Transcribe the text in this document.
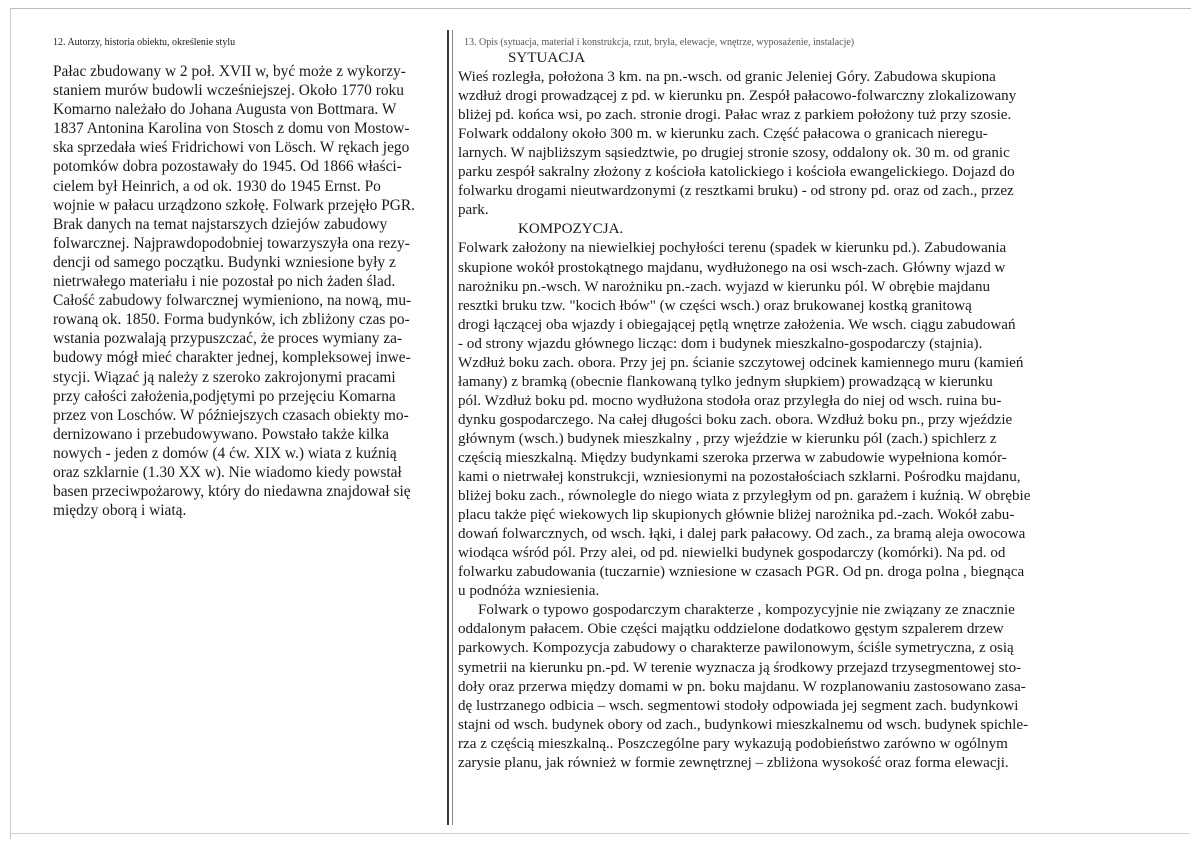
12. Autorzy, historia obiektu, określenie stylu
Pałac zbudowany w 2 poł. XVII w, być może z wykorzy-
staniem murów budowli wcześniejszej. Około 1770 roku
Komarno należało do Johana Augusta von Bottmara. W
1837 Antonina Karolina von Stosch z domu von Mostow-
ska sprzedała wieś Fridrichowi von Lösch. W rękach jego
potomków dobra pozostawały do 1945. Od 1866 właści-
cielem był Heinrich, a od ok. 1930 do 1945 Ernst. Po
wojnie w pałacu urządzono szkołę. Folwark przejęło PGR.
Brak danych na temat najstarszych dziejów zabudowy
folwarcznej. Najprawdopodobniej towarzyszyła ona rezy-
dencji od samego początku. Budynki wzniesione były z
nietrwałego materiału i nie pozostał po nich żaden ślad.
Całość zabudowy folwarcznej wymieniono, na nową, mu-
rowaną ok. 1850. Forma budynków, ich zbliżony czas po-
wstania pozwalają przypuszczać, że proces wymiany za-
budowy mógł mieć charakter jednej, kompleksowej inwe-
stycji. Wiązać ją należy z szeroko zakrojonymi pracami
przy całości założenia,podjętymi po przejęciu Komarna
przez von Loschów. W późniejszych czasach obiekty mo-
dernizowano i przebudowywano. Powstało także kilka
nowych - jeden z domów (4 ćw. XIX w.) wiata z kuźnią
oraz szklarnie (1.30 XX w). Nie wiadomo kiedy powstał
basen przeciwpożarowy, który do niedawna znajdował się
między oborą i wiatą.
13. Opis (sytuacja, materiał i konstrukcja, rzut, bryła, elewacje, wnętrze, wyposażenie, instalacje)
SYTUACJA
Wieś rozległa, położona 3 km. na pn.-wsch. od granic Jeleniej Góry. Zabudowa skupiona
wzdłuż drogi prowadzącej z pd. w kierunku pn. Zespół pałacowo-folwarczny zlokalizowany
bliżej pd. końca wsi, po zach. stronie drogi. Pałac wraz z parkiem położony tuż przy szosie.
Folwark oddalony około 300 m. w kierunku zach. Część pałacowa o granicach nieregu-
larnych. W najbliższym sąsiedztwie, po drugiej stronie szosy, oddalony ok. 30 m. od granic
parku zespół sakralny złożony z kościoła katolickiego i kościoła ewangelickiego. Dojazd do
folwarku drogami nieutwardzonymi (z resztkami bruku) - od strony pd. oraz od zach., przez
park.
KOMPOZYCJA.
Folwark założony na niewielkiej pochyłości terenu (spadek w kierunku pd.). Zabudowania
skupione wokół prostokątnego majdanu, wydłużonego na osi wsch-zach. Główny wjazd w
narożniku pn.-wsch. W narożniku pn.-zach. wyjazd w kierunku pól. W obrębie majdanu
resztki bruku tzw. "kocich łbów" (w części wsch.) oraz brukowanej kostką granitową
drogi łączącej oba wjazdy i obiegającej pętlą wnętrze założenia. We wsch. ciągu zabudowań
- od strony wjazdu głównego licząc: dom i budynek mieszkalno-gospodarczy (stajnia).
Wzdłuż boku zach. obora. Przy jej pn. ścianie szczytowej odcinek kamiennego muru (kamień
łamany) z bramką (obecnie flankowaną tylko jednym słupkiem) prowadzącą w kierunku
pól. Wzdłuż boku pd. mocno wydłużona stodoła oraz przyległa do niej od wsch. ruina bu-
dynku gospodarczego. Na całej długości boku zach. obora. Wzdłuż boku pn., przy wjeździe
głównym (wsch.) budynek mieszkalny , przy wjeździe w kierunku pól (zach.) spichlerz z
częścią mieszkalną. Między budynkami szeroka przerwa w zabudowie wypełniona komór-
kami o nietrwałej konstrukcji, wzniesionymi na pozostałościach szklarni. Pośrodku majdanu,
bliżej boku zach., równolegle do niego wiata z przyległym od pn. garażem i kuźnią. W obrębie
placu także pięć wiekowych lip skupionych głównie bliżej narożnika pd.-zach. Wokół zabu-
dowań folwarcznych, od wsch. łąki, i dalej park pałacowy. Od zach., za bramą aleja owocowa
wiodąca wśród pól. Przy alei, od pd. niewielki budynek gospodarczy (komórki). Na pd. od
folwarku zabudowania (tuczarnie) wzniesione w czasach PGR. Od pn. droga polna , biegnąca
u podnóża wzniesienia.
Folwark o typowo gospodarczym charakterze , kompozycyjnie nie związany ze znacznie
oddalonym pałacem. Obie części majątku oddzielone dodatkowo gęstym szpalerem drzew
parkowych. Kompozycja zabudowy o charakterze pawilonowym, ściśle symetryczna, z osią
symetrii na kierunku pn.-pd. W terenie wyznacza ją środkowy przejazd trzysegmentowej sto-
doły oraz przerwa między domami w pn. boku majdanu. W rozplanowaniu zastosowano zasa-
dę lustrzanego odbicia – wsch. segmentowi stodoły odpowiada jej segment zach. budynkowi
stajni od wsch. budynek obory od zach., budynkowi mieszkalnemu od wsch. budynek spichle-
rza z częścią mieszkalną.. Poszczególne pary wykazują podobieństwo zarówno w ogólnym
zarysie planu, jak również w formie zewnętrznej – zbliżona wysokość oraz forma elewacji.
